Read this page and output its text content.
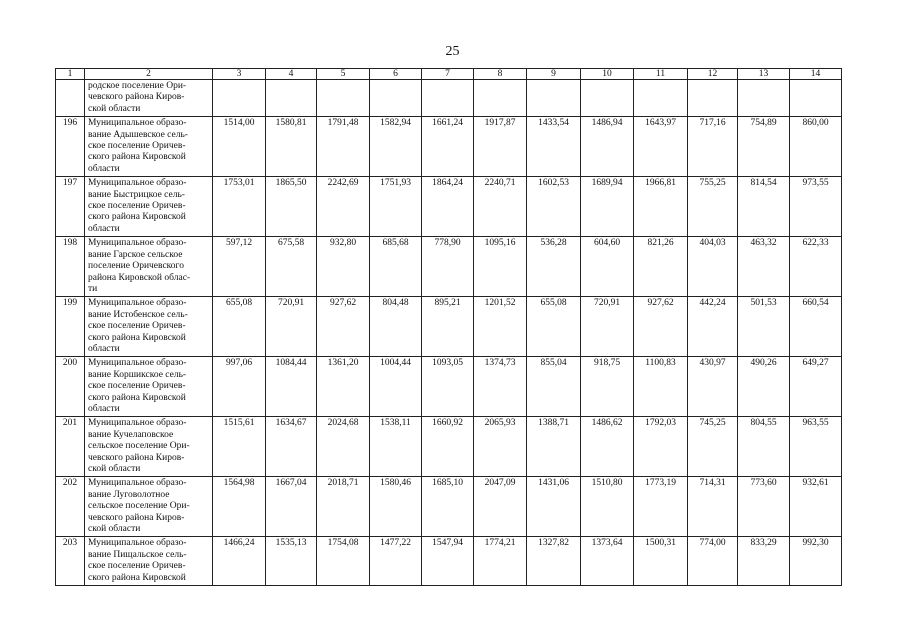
25
1	2	3	4	5	6	7	8	9	10	11	12	13	14

	родское поселение Ори-
чевского района Киров-
ской области												

196	Муниципальное образо-
вание Адышевское сель-
ское поселение Оричев-
ского района Кировской
области	1514,00	1580,81	1791,48	1582,94	1661,24	1917,87	1433,54	1486,94	1643,97	717,16	754,89	860,00
197	Муниципальное образо-
вание Быстрицкое сель-
ское поселение Оричев-
ского района Кировской
области	1753,01	1865,50	2242,69	1751,93	1864,24	2240,71	1602,53	1689,94	1966,81	755,25	814,54	973,55
198	Муниципальное образо-
вание Гарское сельское
поселение Оричевского
района Кировской облас-
ти	597,12	675,58	932,80	685,68	778,90	1095,16	536,28	604,60	821,26	404,03	463,32	622,33
199	Муниципальное образо-
вание Истобенское сель-
ское поселение Оричев-
ского района Кировской
области	655,08	720,91	927,62	804,48	895,21	1201,52	655,08	720,91	927,62	442,24	501,53	660,54
200	Муниципальное образо-
вание Коршикское сель-
ское поселение Оричев-
ского района Кировской
области	997,06	1084,44	1361,20	1004,44	1093,05	1374,73	855,04	918,75	1100,83	430,97	490,26	649,27
201	Муниципальное образо-
вание Кучелаповское
сельское поселение Ори-
чевского района Киров-
ской области	1515,61	1634,67	2024,68	1538,11	1660,92	2065,93	1388,71	1486,62	1792,03	745,25	804,55	963,55
202	Муниципальное образо-
вание Луговолотное
сельское поселение Ори-
чевского района Киров-
ской области	1564,98	1667,04	2018,71	1580,46	1685,10	2047,09	1431,06	1510,80	1773,19	714,31	773,60	932,61
203	Муниципальное образо-
вание Пищальское сель-
ское поселение Оричев-
ского района Кировской	1466,24	1535,13	1754,08	1477,22	1547,94	1774,21	1327,82	1373,64	1500,31	774,00	833,29	992,30
